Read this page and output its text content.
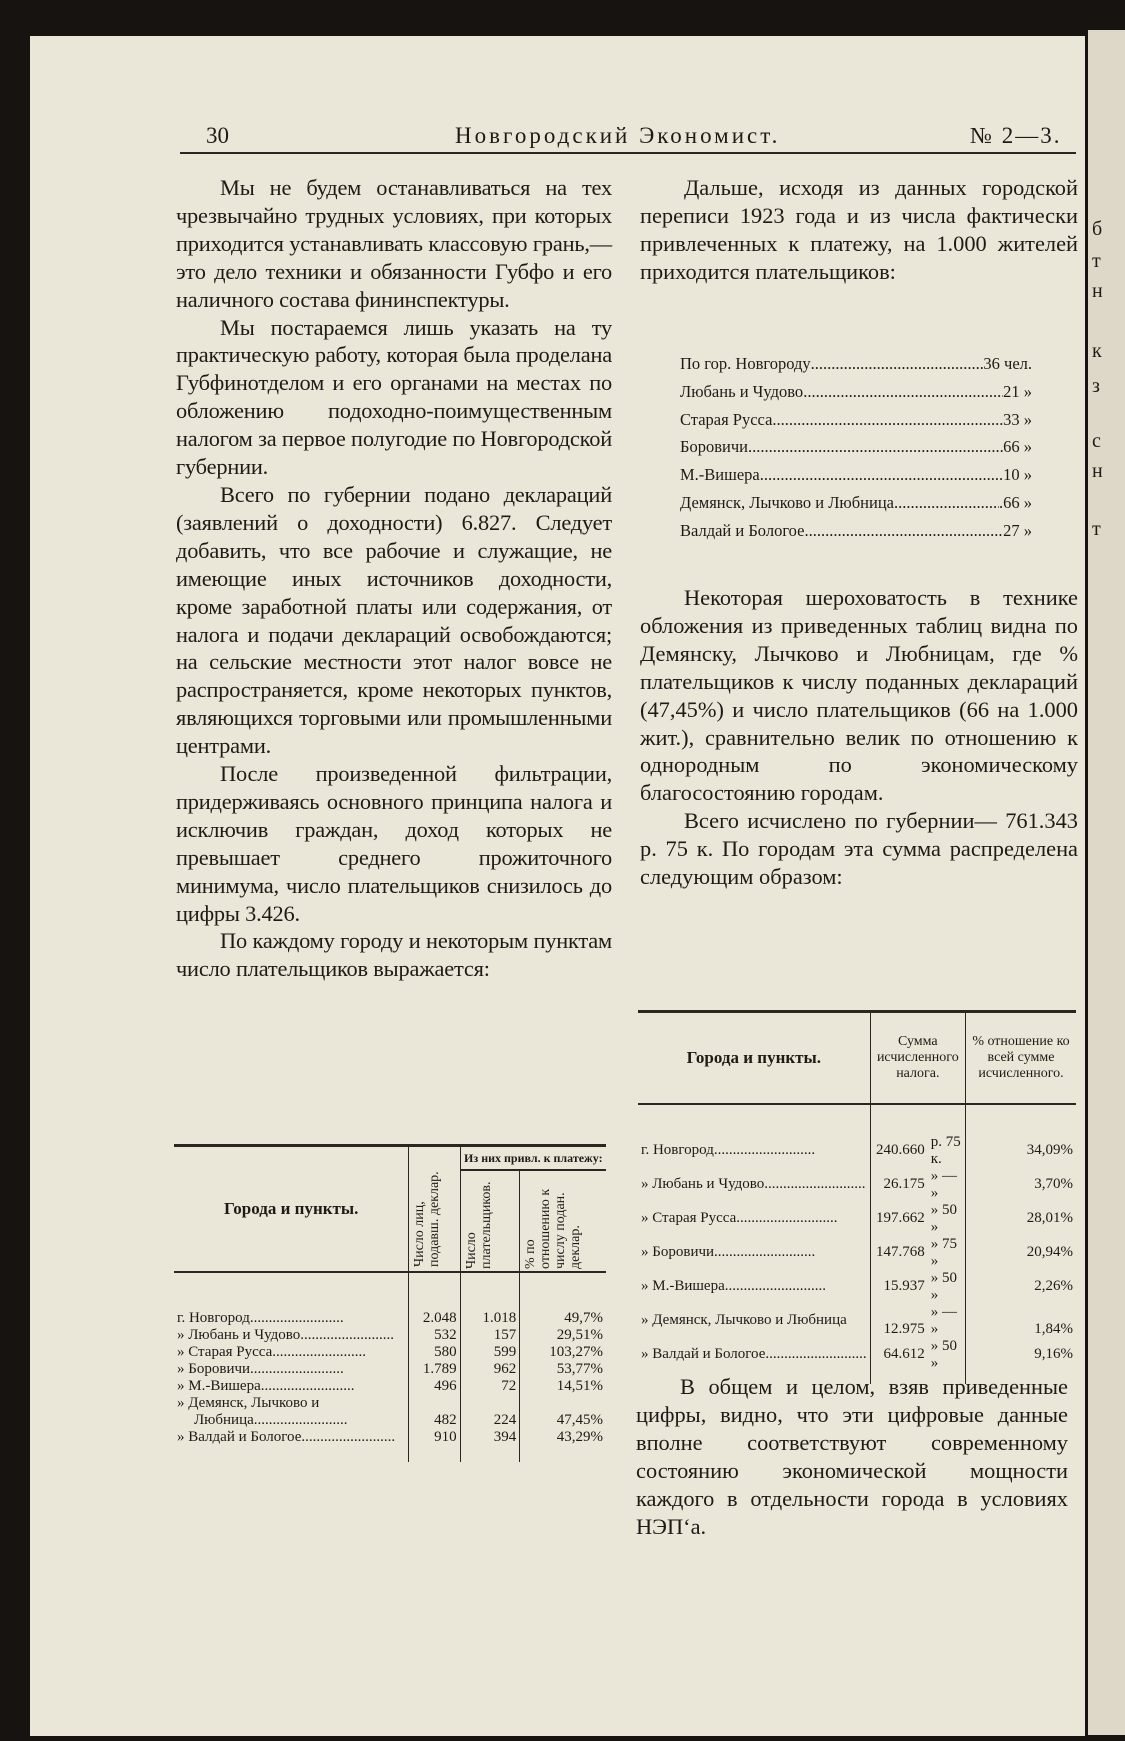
б
т
н
к
з
с
н
т
30	Новгородский Экономист.	№ 2—3.

Мы не будем останавливаться на тех чрезвычайно трудных условиях, при которых приходится устанавливать классовую грань,—это дело техники и обязанности Губфо и его наличного состава фининспектуры.

Мы постараемся лишь указать на ту практическую работу, которая была проделана Губфинотделом и его органами на местах по обложению подоходно-поимущественным налогом за первое полугодие по Новгородской губернии.

Всего по губернии подано деклараций (заявлений о доходности) 6.827. Следует добавить, что все рабочие и служащие, не имеющие иных источников доходности, кроме заработной платы или содержания, от налога и подачи деклараций освобождаются; на сельские местности этот налог вовсе не распространяется, кроме некоторых пунктов, являющихся торговыми или промышленными центрами.

После произведенной фильтрации, придерживаясь основного принципа налога и исключив граждан, доход которых не превышает среднего прожиточного минимума, число плательщиков снизилось до цифры 3.426.

По каждому городу и некоторым пунктам число плательщиков выражается:

Дальше, исходя из данных городской переписи 1923 года и из числа фактически привлеченных к платежу, на 1.000 жителей приходится плательщиков:

По гор. Новгороду .....	36 чел.
Любань и Чудово .....	21 »
Старая Русса .....	33 »
Боровичи .....	66 »
М.-Вишера .....	10 »
Демянск, Лычково и Любница .....	.66 »
Валдай и Бологое .....	27 »

Некоторая шероховатость в технике обложения из приведенных таблиц видна по Демянску, Лычково и Любницам, где % плательщиков к числу поданных деклараций (47,45%) и число плательщиков (66 на 1.000 жит.), сравнительно велик по отношению к однородным по экономическому благосостоянию городам.

Всего исчислено по губернии— 761.343 р. 75 к. По городам эта сумма распределена следующим образом:

Города и пункты.	Число лиц, подавш. деклар.	Из них привл. к платежу:	

		Число плательщиков.	% по отношению к числу подан. деклар.

г. Новгород.........................	2.048	1.018	49,7%
» Любань и Чудово.........................	532	157	29,51%
» Старая Русса.........................	580	599	103,27%
» Боровичи.........................	1.789	962	53,77%
» М.-Вишера.........................	496	72	14,51%
» Демянск, Лычково и			
Любница.........................	482	224	47,45%
» Валдай и Бологое.........................	910	394	43,29%

Города и пункты.	Сумма исчисленного налога.		% отношение ко всей сумме исчисленного.

г. Новгород...........................	240.660	р. 75 к.	34,09%
» Любань и Чудово...........................	26.175	» — »	3,70%
» Старая Русса...........................	197.662	» 50 »	28,01%
» Боровичи...........................	147.768	» 75 »	20,94%
» М.-Вишера...........................	15.937	» 50 »	2,26%
» Демянск, Лычково и Любница	12.975	» — »	1,84%
» Валдай и Бологое...........................	64.612	» 50 »	9,16%

В общем и целом, взяв приведенные цифры, видно, что эти цифровые данные вполне соответствуют современному состоянию экономической мощности каждого в отдельности города в условиях НЭП‘а.
